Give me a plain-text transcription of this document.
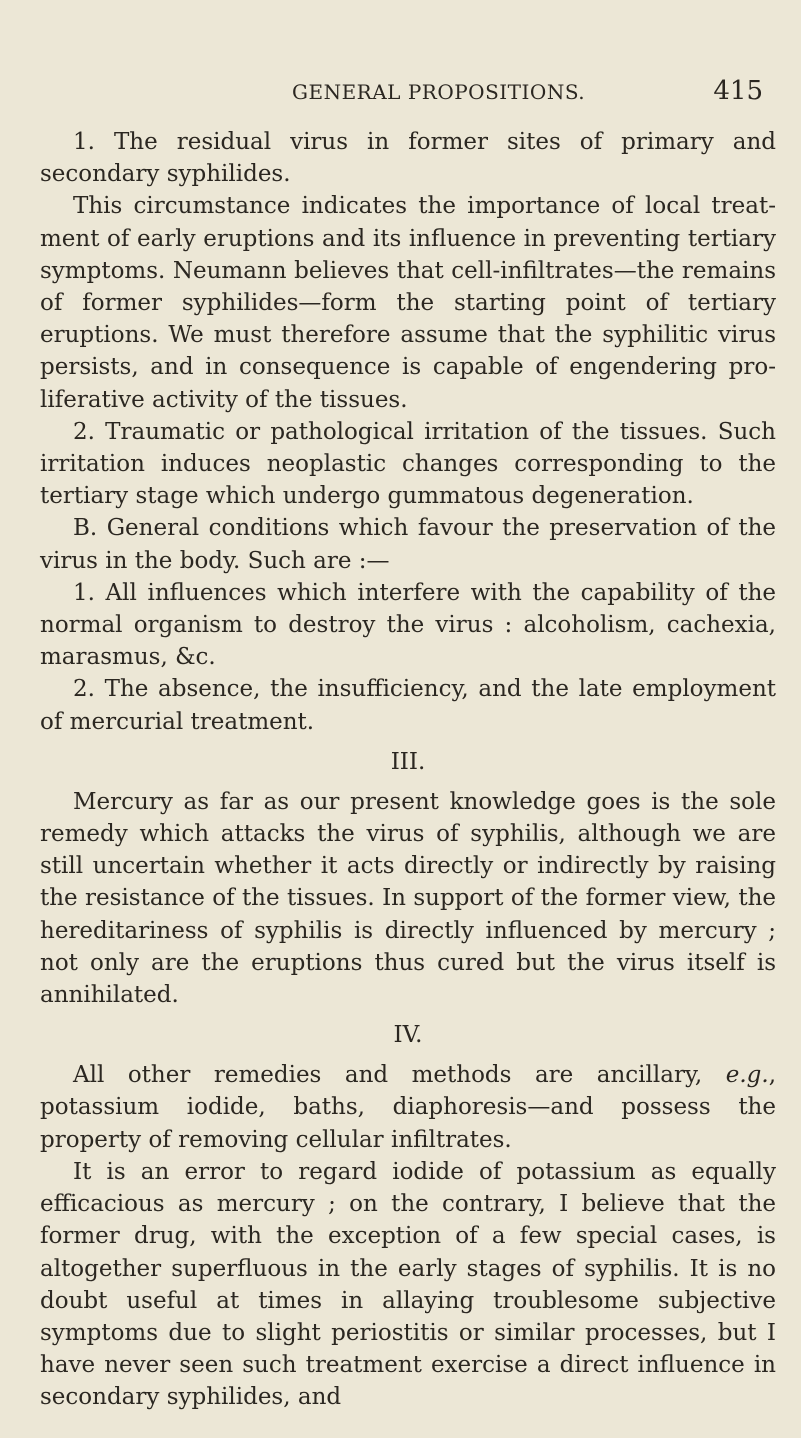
GENERAL PROPOSITIONS.	415

1. The residual virus in former sites of primary and secondary syphilides.

This circumstance indicates the importance of local treatment of early eruptions and its influence in preventing tertiary symptoms. Neumann believes that cell-infiltrates—the remains of former syphilides—form the starting point of tertiary eruptions. We must therefore assume that the syphilitic virus persists, and in consequence is capable of engendering proliferative activity of the tissues.

2. Traumatic or pathological irritation of the tissues. Such irritation induces neoplastic changes corresponding to the tertiary stage which undergo gummatous degeneration.

B. General conditions which favour the preservation of the virus in the body. Such are :—

1. All influences which interfere with the capability of the normal organism to destroy the virus : alcoholism, cachexia, marasmus, &c.

2. The absence, the insufficiency, and the late employment of mercurial treatment.

III.

Mercury as far as our present knowledge goes is the sole remedy which attacks the virus of syphilis, although we are still uncertain whether it acts directly or indirectly by raising the resistance of the tissues. In support of the former view, the hereditariness of syphilis is directly influenced by mercury ; not only are the eruptions thus cured but the virus itself is annihilated.

IV.

All other remedies and methods are ancillary, e.g., potassium iodide, baths, diaphoresis—and possess the property of removing cellular infiltrates.

It is an error to regard iodide of potassium as equally efficacious as mercury ; on the contrary, I believe that the former drug, with the exception of a few special cases, is altogether superfluous in the early stages of syphilis. It is no doubt useful at times in allaying troublesome subjective symptoms due to slight periostitis or similar processes, but I have never seen such treatment exercise a direct influence in secondary syphilides, and
